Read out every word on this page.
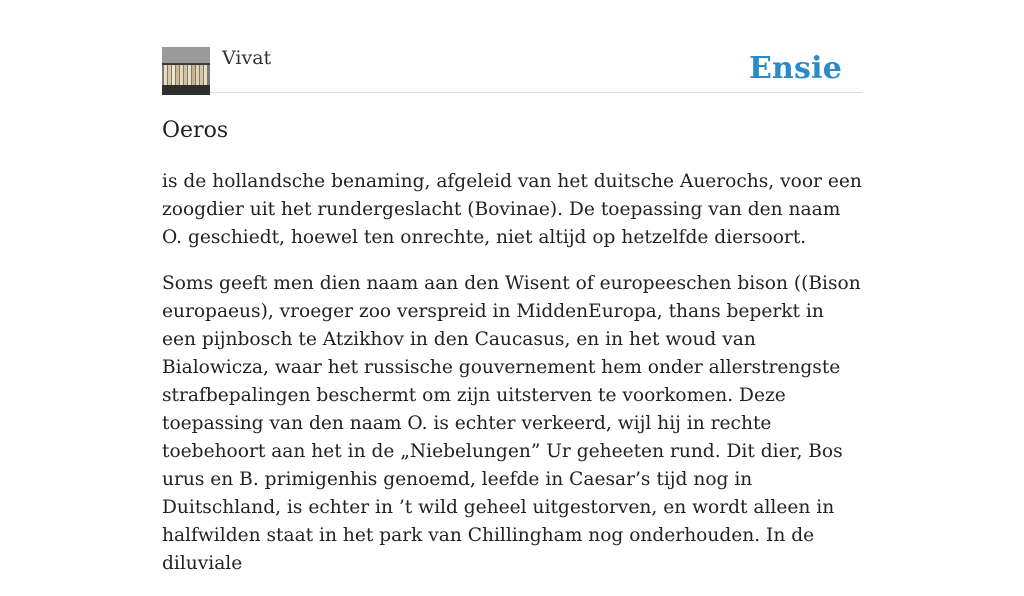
Vivat	Ensie
Oeros

is de hollandsche benaming, afgeleid van het duitsche Auerochs, voor een zoogdier uit het rundergeslacht (Bovinae). De toepassing van den naam O. geschiedt, hoewel ten onrechte, niet altijd op hetzelfde diersoort.

Soms geeft men dien naam aan den Wisent of europeeschen bison ((Bison europaeus), vroeger zoo verspreid in MiddenEuropa, thans beperkt in een pijnbosch te Atzikhov in den Caucasus, en in het woud van Bialowicza, waar het russische gouvernement hem onder allerstrengste strafbepalingen beschermt om zijn uitsterven te voorkomen. Deze toepassing van den naam O. is echter verkeerd, wijl hij in rechte toebehoort aan het in de „Niebelungen” Ur geheeten rund. Dit dier, Bos urus en B. primigenhis genoemd, leefde in Caesar’s tijd nog in Duitschland, is echter in ’t wild geheel uitgestorven, en wordt alleen in halfwilden staat in het park van Chillingham nog onderhouden. In de diluviale
